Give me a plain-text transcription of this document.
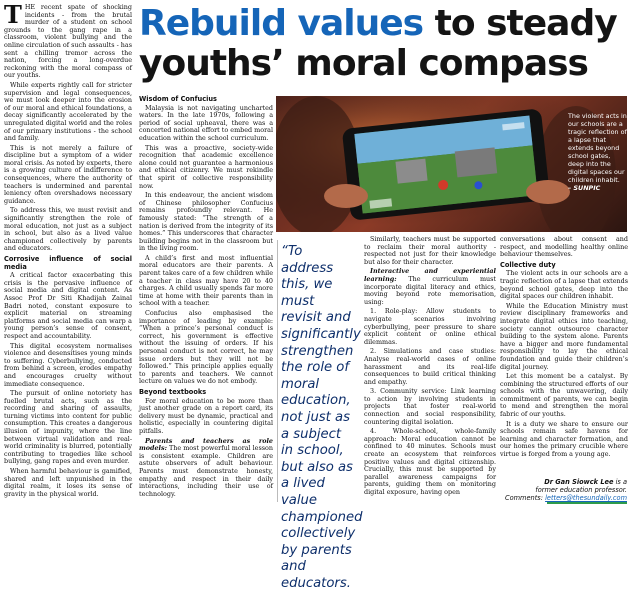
Rebuild values to steady
youths’ moral compass

THE recent spate of shocking incidents - from the brutal murder of a student on school grounds to the gang rape in a classroom, violent bullying and the online circulation of such assaults - has sent a chilling tremor across the nation, forcing a long-overdue reckoning with the moral compass of our youths.

While experts rightly call for stricter supervision and legal consequences, we must look deeper into the erosion of our moral and ethical foundations, a decay significantly accelerated by the unregulated digital world and the roles of our primary institutions - the school and family.

This is not merely a failure of discipline but a symptom of a wider moral crisis. As noted by experts, there is a growing culture of indifference to consequences, where the authority of teachers is undermined and parental leniency often overshadows necessary guidance.

To address this, we must revisit and significantly strengthen the role of moral education, not just as a subject in school, but also as a lived value championed collectively by parents and educators.

Corrosive influence of social media

A critical factor exacerbating this crisis is the pervasive influence of social media and digital content. As Assoc Prof Dr Siti Khadijah Zainal Badri noted, constant exposure to explicit material on streaming platforms and social media can warp a young person’s sense of consent, respect and accountability.

This digital ecosystem normalises violence and desensitises young minds to suffering. Cyberbullying, conducted from behind a screen, erodes empathy and encourages cruelty without immediate consequence.

The pursuit of online notoriety has fuelled brutal acts, such as the recording and sharing of assaults, turning victims into content for public consumption. This creates a dangerous illusion of impunity, where the line between virtual validation and real-world criminality is blurred, potentially contributing to tragedies like school bullying, gang rapes and even murder.

When harmful behaviour is gamified, shared and left unpunished in the digital realm, it loses its sense of gravity in the physical world.

Wisdom of Confucius

Malaysia is not navigating uncharted waters. In the late 1970s, following a period of social upheaval, there was a concerted national effort to embed moral education within the school curriculum.

This was a proactive, society-wide recognition that academic excellence alone could not guarantee a harmonious and ethical citizenry. We must rekindle that spirit of collective responsibility now.

In this endeavour, the ancient wisdom of Chinese philosopher Confucius remains profoundly relevant. He famously stated: “The strength of a nation is derived from the integrity of its homes.” This underscores that character building begins not in the classroom but in the living room.

A child’s first and most influential moral educators are their parents. A parent takes care of a few children while a teacher in class may have 20 to 40 charges. A child usually spends far more time at home with their parents than in school with a teacher.

Confucius also emphasised the importance of leading by example: “When a prince’s personal conduct is correct, his government is effective without the issuing of orders. If his personal conduct is not correct, he may issue orders but they will not be followed.” This principle applies equally to parents and teachers. We cannot lecture on values we do not embody.

Beyond textbooks

For moral education to be more than just another grade on a report card, its delivery must be dynamic, practical and holistic, especially in countering digital pitfalls.

Parents and teachers as role models: The most powerful moral lesson is consistent example. Children are astute observers of adult behaviour. Parents must demonstrate honesty, empathy and respect in their daily interactions, including their use of technology.

The violent acts in our schools are a tragic reflection of a lapse that extends beyond school gates, deep into the digital spaces our children inhabit.
– SUNPIC
“To address this, we must revisit and significantly strengthen the role of moral education, not just as a subject in school, but also as a lived value championed collectively by parents and educators.

Similarly, teachers must be supported to reclaim their moral authority - respected not just for their knowledge but also for their character.

Interactive and experiential learning: The curriculum must incorporate digital literacy and ethics, moving beyond rote memorisation, using:

1. Role-play: Allow students to navigate scenarios involving cyberbullying, peer pressure to share explicit content or online ethical dilemmas.

2. Simulations and case studies: Analyse real-world cases of online harassment and its real-life consequences to build critical thinking and empathy.

3. Community service: Link learning to action by involving students in projects that foster real-world connection and social responsibility, countering digital isolation.

4. Whole-school, whole-family approach: Moral education cannot be confined to 40 minutes. Schools must create an ecosystem that reinforces positive values and digital citizenship. Crucially, this must be supported by parallel awareness campaigns for parents, guiding them on monitoring digital exposure, having open

conversations about consent and respect, and modelling healthy online behaviour themselves.

Collective duty

The violent acts in our schools are a tragic reflection of a lapse that extends beyond school gates, deep into the digital spaces our children inhabit.

While the Education Ministry must review disciplinary frameworks and integrate digital ethics into teaching, society cannot outsource character building to the system alone. Parents have a bigger and more fundamental responsibility to lay the ethical foundation and guide their children’s digital journey.

Let this moment be a catalyst. By combining the structured efforts of our schools with the unwavering, daily commitment of parents, we can begin to mend and strengthen the moral fabric of our youths.

It is a duty we share to ensure our schools remain safe havens for learning and character formation, and our homes the primary crucible where virtue is forged from a young age.

Dr Gan Siowck Lee is a
former education professor.
Comments: letters@thesundaily.com
